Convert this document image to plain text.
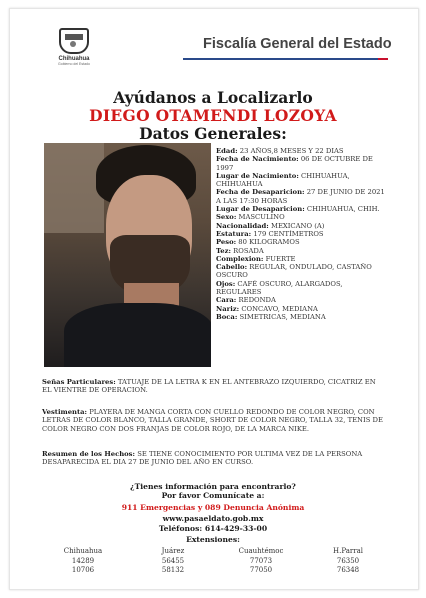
Chihuahua
Gobierno del Estado
Fiscalía General del Estado
Ayúdanos a Localizarlo
DIEGO OTAMENDI LOZOYA
Datos Generales:
Edad: 23 AÑOS,8 MESES Y 22 DIAS
Fecha de Nacimiento: 06 DE OCTUBRE DE 1997
Lugar de Nacimiento: CHIHUAHUA, CHIHUAHUA
Fecha de Desaparicion: 27 DE JUNIO DE 2021 A LAS 17:30 HORAS
Lugar de Desaparicion: CHIHUAHUA, CHIH.
Sexo: MASCULINO
Nacionalidad: MEXICANO (A)
Estatura: 179 CENTÍMETROS
Peso: 80 KILOGRAMOS
Tez: ROSADA
Complexion: FUERTE
Cabello: REGULAR, ONDULADO, CASTAÑO OSCURO
Ojos: CAFÉ OSCURO, ALARGADOS, REGULARES
Cara: REDONDA
Nariz: CONCAVO, MEDIANA
Boca: SIMETRICAS, MEDIANA
Señas Particulares: TATUAJE DE LA LETRA K EN EL ANTEBRAZO IZQUIERDO, CICATRIZ EN EL VIENTRE DE OPERACION.
Vestimenta: PLAYERA DE MANGA CORTA CON CUELLO REDONDO DE COLOR NEGRO, CON LETRAS DE COLOR BLANCO, TALLA GRANDE, SHORT DE COLOR NEGRO, TALLA 32, TENIS DE COLOR NEGRO CON DOS FRANJAS DE COLOR ROJO, DE LA MARCA NIKE.
Resumen de los Hechos: SE TIENE CONOCIMIENTO POR ULTIMA VEZ DE LA PERSONA DESAPARECIDA EL DIA 27 DE JUNIO DEL AÑO EN CURSO.
¿Tienes información para encontrarlo?
Por favor Comunícate a:
911 Emergencias y 089 Denuncia Anónima
www.pasaeldato.gob.mx
Teléfonos: 614-429-33-00
Extensiones:
Chihuahua
14289
10706
Juárez
56455
58132
Cuauhtémoc
77073
77050
H.Parral
76350
76348
